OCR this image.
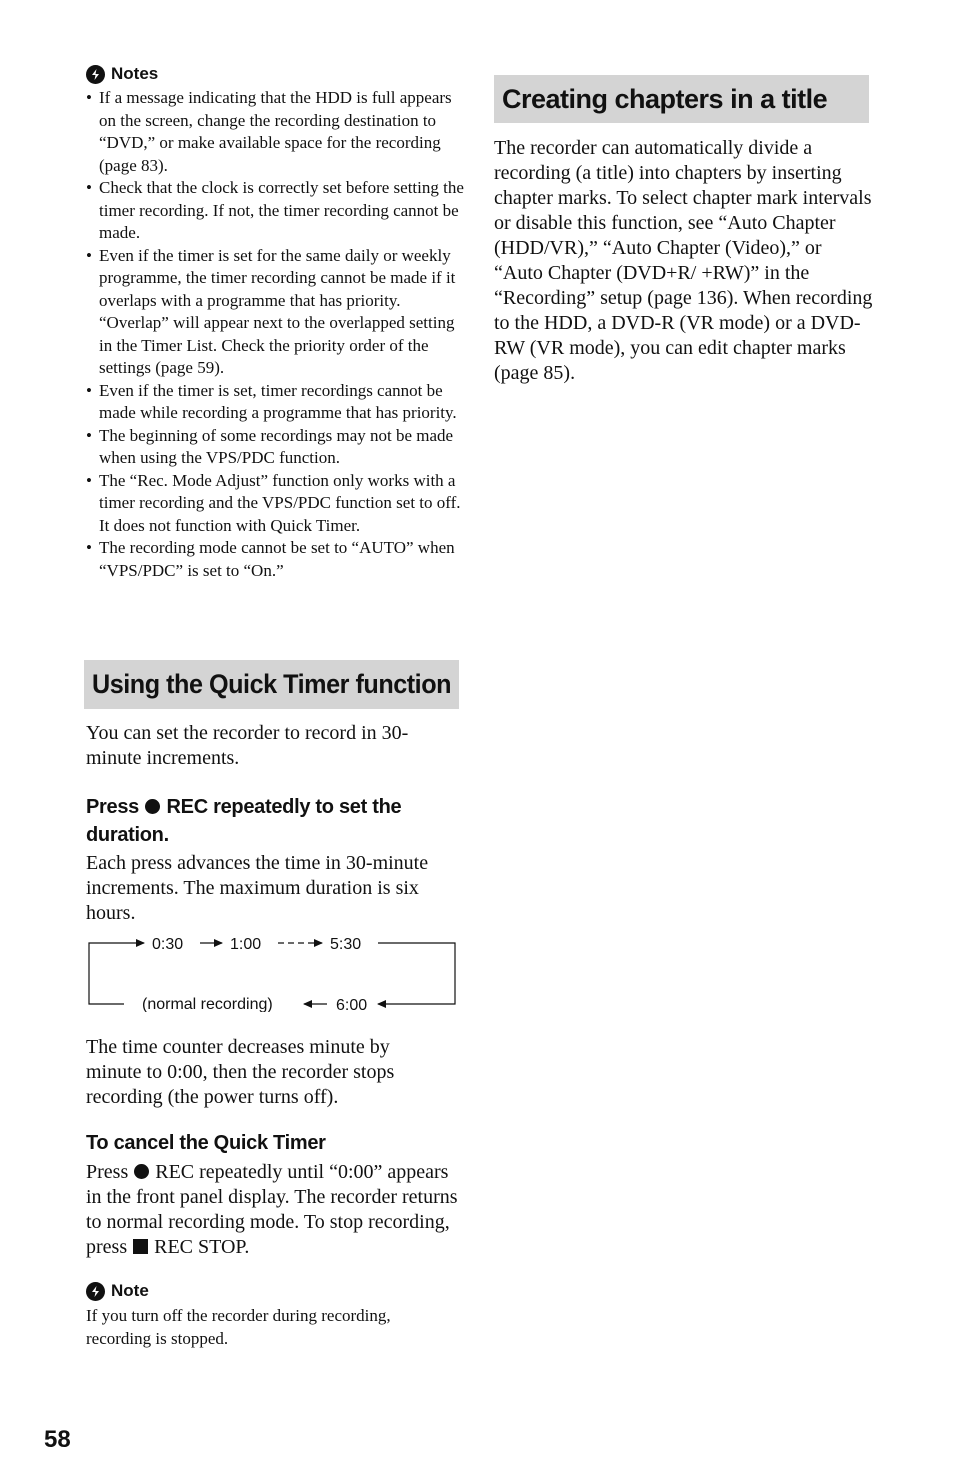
Notes
• If a message indicating that the HDD is full appears on the screen, change the recording destination to “DVD,” or make available space for the recording (page 83).
• Check that the clock is correctly set before setting the timer recording. If not, the timer recording cannot be made.
• Even if the timer is set for the same daily or weekly programme, the timer recording cannot be made if it overlaps with a programme that has priority. “Overlap” will appear next to the overlapped setting in the Timer List. Check the priority order of the settings (page 59).
• Even if the timer is set, timer recordings cannot be made while recording a programme that has priority.
• The beginning of some recordings may not be made when using the VPS/PDC function.
• The “Rec. Mode Adjust” function only works with a timer recording and the VPS/PDC function set to off. It does not function with Quick Timer.
• The recording mode cannot be set to “AUTO” when “VPS/PDC” is set to “On.”
Using the Quick Timer function

You can set the recorder to record in 30-minute increments.

Press REC repeatedly to set the duration.

Each press advances the time in 30-minute increments. The maximum duration is six hours.

0:30	1:00	5:30
6:00
(normal recording)

The time counter decreases minute by minute to 0:00, then the recorder stops recording (the power turns off).

To cancel the Quick Timer

Press REC repeatedly until “0:00” appears in the front panel display. The recorder returns to normal recording mode. To stop recording, press REC STOP.

Note

If you turn off the recorder during recording, recording is stopped.

Creating chapters in a title

The recorder can automatically divide a recording (a title) into chapters by inserting chapter marks. To select chapter mark intervals or disable this function, see “Auto Chapter (HDD/VR),” “Auto Chapter (Video),” or “Auto Chapter (DVD+R/ +RW)” in the “Recording” setup (page 136). When recording to the HDD, a DVD-R (VR mode) or a DVD-RW (VR mode), you can edit chapter marks (page 85).

58
